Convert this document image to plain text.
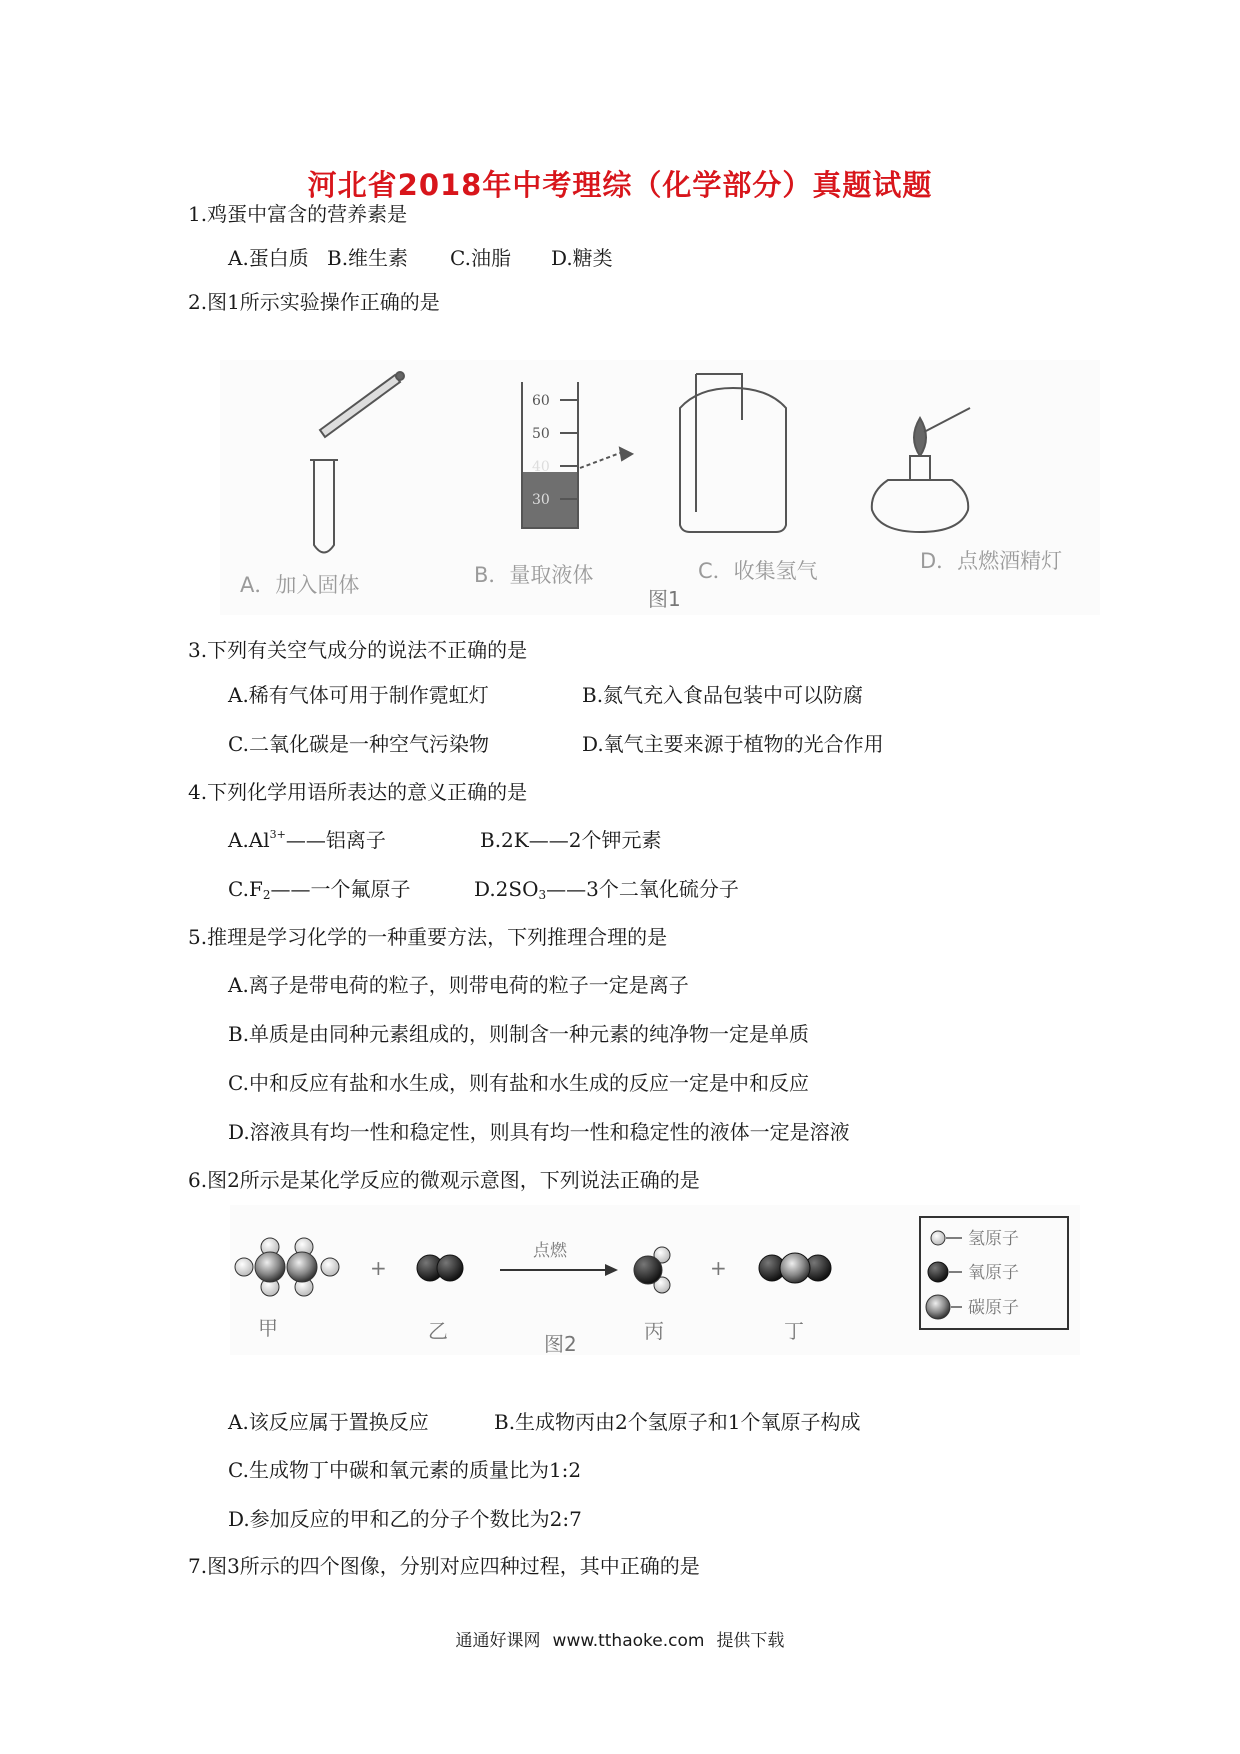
河北省2018年中考理综（化学部分）真题试题
1.鸡蛋中富含的营养素是
A.蛋白质 B.维生素 C.油脂 D.糖类
2.图1所示实验操作正确的是
60
50
40
30
A．加入固体	B．量取液体	C．收集氢气	D．点燃酒精灯
图1
3.下列有关空气成分的说法不正确的是
A.稀有气体可用于制作霓虹灯	B.氮气充入食品包装中可以防腐
C.二氧化碳是一种空气污染物	D.氧气主要来源于植物的光合作用
4.下列化学用语所表达的意义正确的是
$A.Al^{3+}——$铝离子	B.2K——2个钾元素
$C.F_2——$一个氟原子	$D.2SO_3——3$个二氧化硫分子
5.推理是学习化学的一种重要方法，下列推理合理的是
A.离子是带电荷的粒子，则带电荷的粒子一定是离子
B.单质是由同种元素组成的，则制含一种元素的纯净物一定是单质
C.中和反应有盐和水生成，则有盐和水生成的反应一定是中和反应
D.溶液具有均一性和稳定性，则具有均一性和稳定性的液体一定是溶液
6.图2所示是某化学反应的微观示意图，下列说法正确的是
+
点燃
+
甲	乙
图2
丙	丁
氢原子
氧原子
碳原子
A.该反应属于置换反应	B.生成物丙由2个氢原子和1个氧原子构成
C.生成物丁中碳和氧元素的质量比为1:2
D.参加反应的甲和乙的分子个数比为2:7
7.图3所示的四个图像，分别对应四种过程，其中正确的是
通通好课网 www.tthaoke.com 提供下载
